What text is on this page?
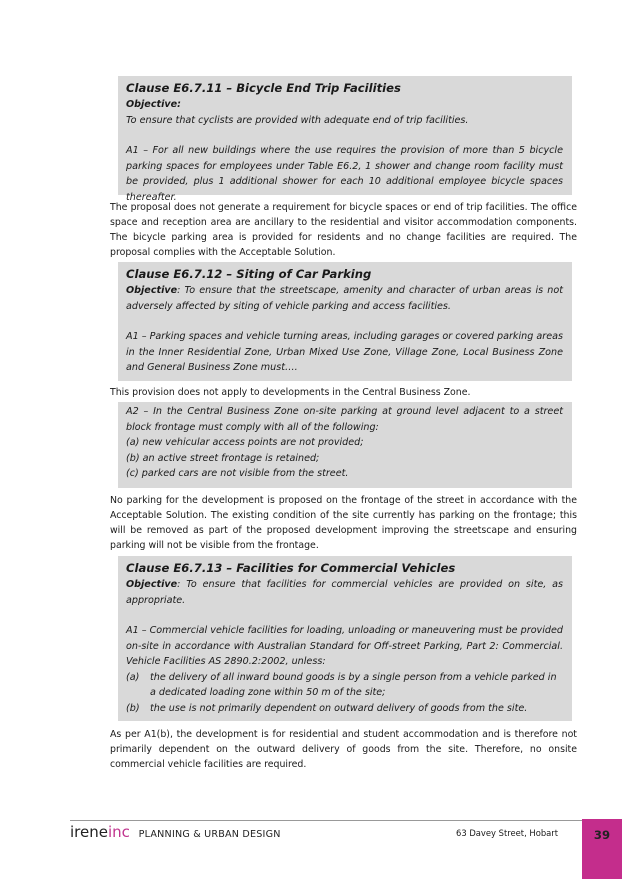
Clause E6.7.11 – Bicycle End Trip Facilities

Objective:

To ensure that cyclists are provided with adequate end of trip facilities.

A1 – For all new buildings where the use requires the provision of more than 5 bicycle parking spaces for employees under Table E6.2, 1 shower and change room facility must be provided, plus 1 additional shower for each 10 additional employee bicycle spaces thereafter.

The proposal does not generate a requirement for bicycle spaces or end of trip facilities. The office space and reception area are ancillary to the residential and visitor accommodation components. The bicycle parking area is provided for residents and no change facilities are required. The proposal complies with the Acceptable Solution.

Clause E6.7.12 – Siting of Car Parking

Objective: To ensure that the streetscape, amenity and character of urban areas is not adversely affected by siting of vehicle parking and access facilities.

A1 – Parking spaces and vehicle turning areas, including garages or covered parking areas in the Inner Residential Zone, Urban Mixed Use Zone, Village Zone, Local Business Zone and General Business Zone must….

This provision does not apply to developments in the Central Business Zone.

A2 – In the Central Business Zone on-site parking at ground level adjacent to a street block frontage must comply with all of the following:

(a) new vehicular access points are not provided;

(b) an active street frontage is retained;

(c) parked cars are not visible from the street.

No parking for the development is proposed on the frontage of the street in accordance with the Acceptable Solution. The existing condition of the site currently has parking on the frontage; this will be removed as part of the proposed development improving the streetscape and ensuring parking will not be visible from the frontage.

Clause E6.7.13 – Facilities for Commercial Vehicles

Objective: To ensure that facilities for commercial vehicles are provided on site, as appropriate.

A1 – Commercial vehicle facilities for loading, unloading or maneuvering must be provided on-site in accordance with Australian Standard for Off-street Parking, Part 2: Commercial. Vehicle Facilities AS 2890.2:2002, unless:

(a)	the delivery of all inward bound goods is by a single person from a vehicle parked in a dedicated loading zone within 50 m of the site;
(b)	the use is not primarily dependent on outward delivery of goods from the site.

As per A1(b), the development is for residential and student accommodation and is therefore not primarily dependent on the outward delivery of goods from the site. Therefore, no onsite commercial vehicle facilities are required.

ireneinc PLANNING & URBAN DESIGN	63 Davey Street, Hobart	39
